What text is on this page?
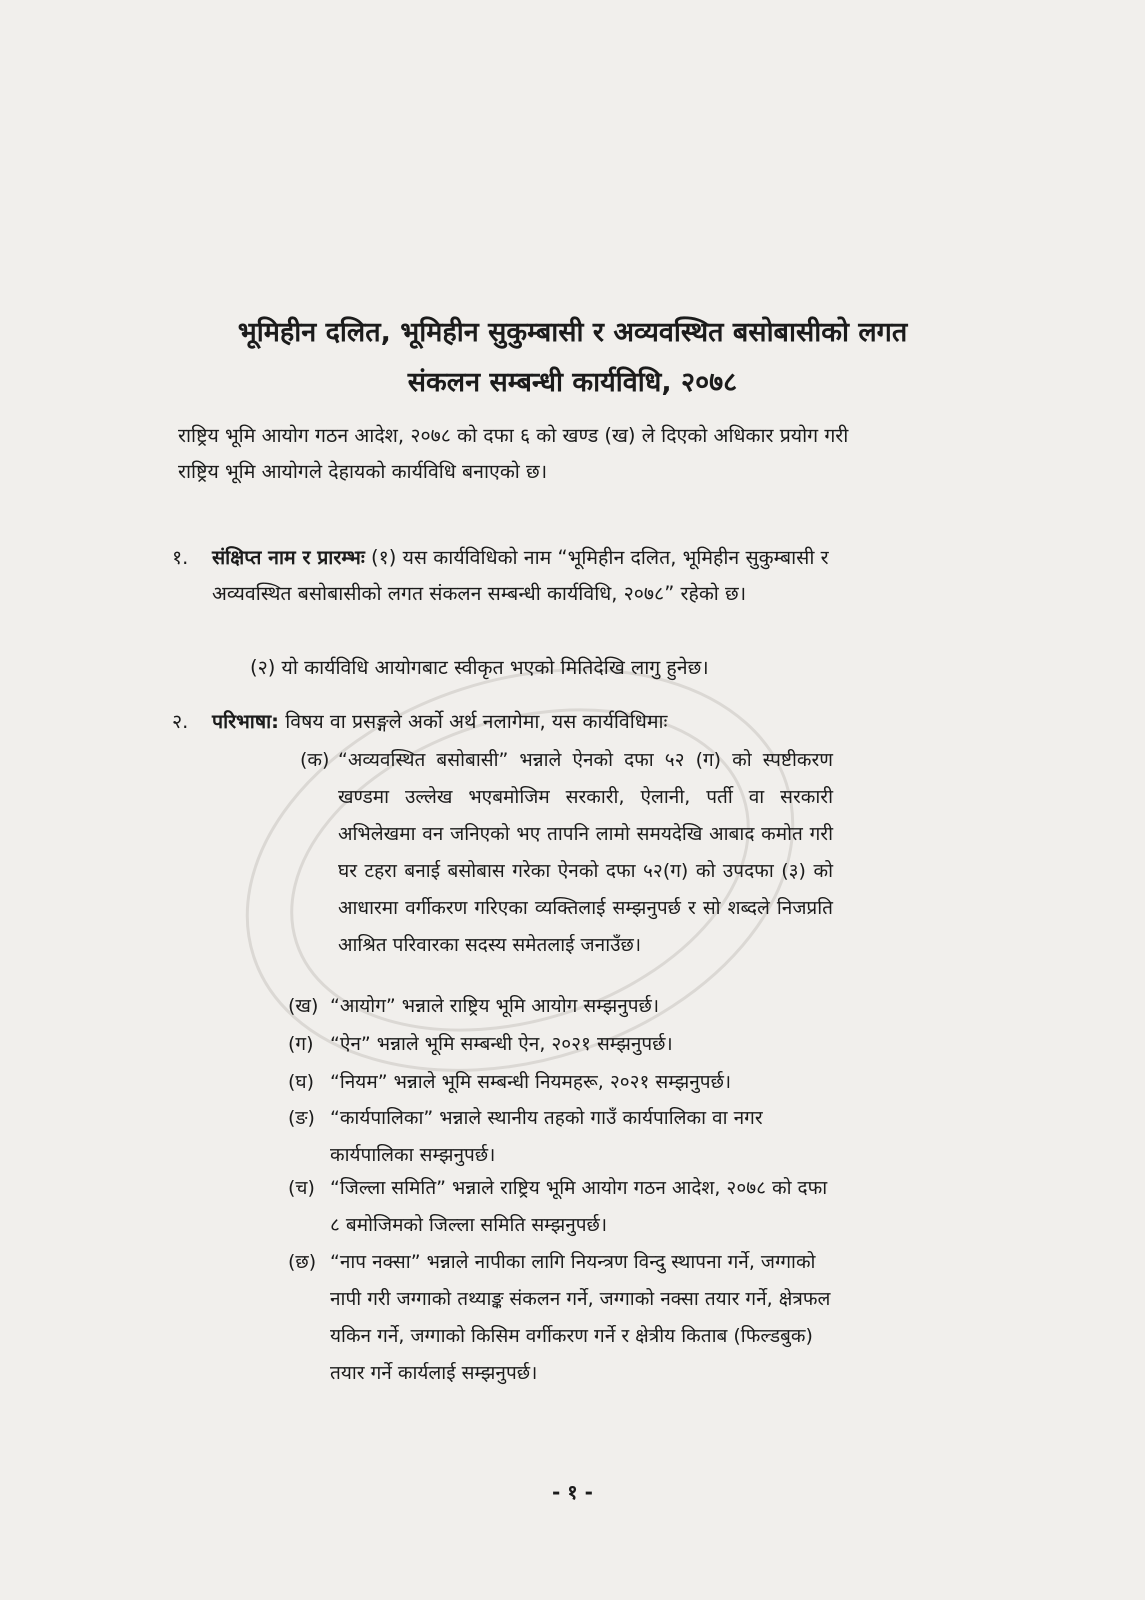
भूमिहीन दलित, भूमिहीन सुकुम्बासी र अव्यवस्थित बसोबासीको लगत
संकलन सम्बन्धी कार्यविधि, २०७८
राष्ट्रिय भूमि आयोग गठन आदेश, २०७८ को दफा ६ को खण्ड (ख) ले दिएको अधिकार प्रयोग गरी राष्ट्रिय भूमि आयोगले देहायको कार्यविधि बनाएको छ।
१. संक्षिप्त नाम र प्रारम्भः (१) यस कार्यविधिको नाम “भूमिहीन दलित, भूमिहीन सुकुम्बासी र अव्यवस्थित बसोबासीको लगत संकलन सम्बन्धी कार्यविधि, २०७८” रहेको छ।
(२) यो कार्यविधि आयोगबाट स्वीकृत भएको मितिदेखि लागु हुनेछ।
२. परिभाषा: विषय वा प्रसङ्गले अर्को अर्थ नलागेमा, यस कार्यविधिमाः
(क) “अव्यवस्थित बसोबासी” भन्नाले ऐनको दफा ५२ (ग) को स्पष्टीकरण खण्डमा उल्लेख भएबमोजिम सरकारी, ऐलानी, पर्ती वा सरकारी अभिलेखमा वन जनिएको भए तापनि लामो समयदेखि आबाद कमोत गरी घर टहरा बनाई बसोबास गरेका ऐनको दफा ५२(ग) को उपदफा (३) को आधारमा वर्गीकरण गरिएका व्यक्तिलाई सम्झनुपर्छ र सो शब्दले निजप्रति आश्रित परिवारका सदस्य समेतलाई जनाउँछ।
(ख) “आयोग” भन्नाले राष्ट्रिय भूमि आयोग सम्झनुपर्छ।
(ग) “ऐन” भन्नाले भूमि सम्बन्धी ऐन, २०२१ सम्झनुपर्छ।
(घ) “नियम” भन्नाले भूमि सम्बन्धी नियमहरू, २०२१ सम्झनुपर्छ।
(ङ) “कार्यपालिका” भन्नाले स्थानीय तहको गाउँ कार्यपालिका वा नगर कार्यपालिका सम्झनुपर्छ।
(च) “जिल्ला समिति” भन्नाले राष्ट्रिय भूमि आयोग गठन आदेश, २०७८ को दफा ८ बमोजिमको जिल्ला समिति सम्झनुपर्छ।
(छ) “नाप नक्सा” भन्नाले नापीका लागि नियन्त्रण विन्दु स्थापना गर्ने, जग्गाको नापी गरी जग्गाको तथ्याङ्क संकलन गर्ने, जग्गाको नक्सा तयार गर्ने, क्षेत्रफल यकिन गर्ने, जग्गाको किसिम वर्गीकरण गर्ने र क्षेत्रीय किताब (फिल्डबुक) तयार गर्ने कार्यलाई सम्झनुपर्छ।
- १ -
